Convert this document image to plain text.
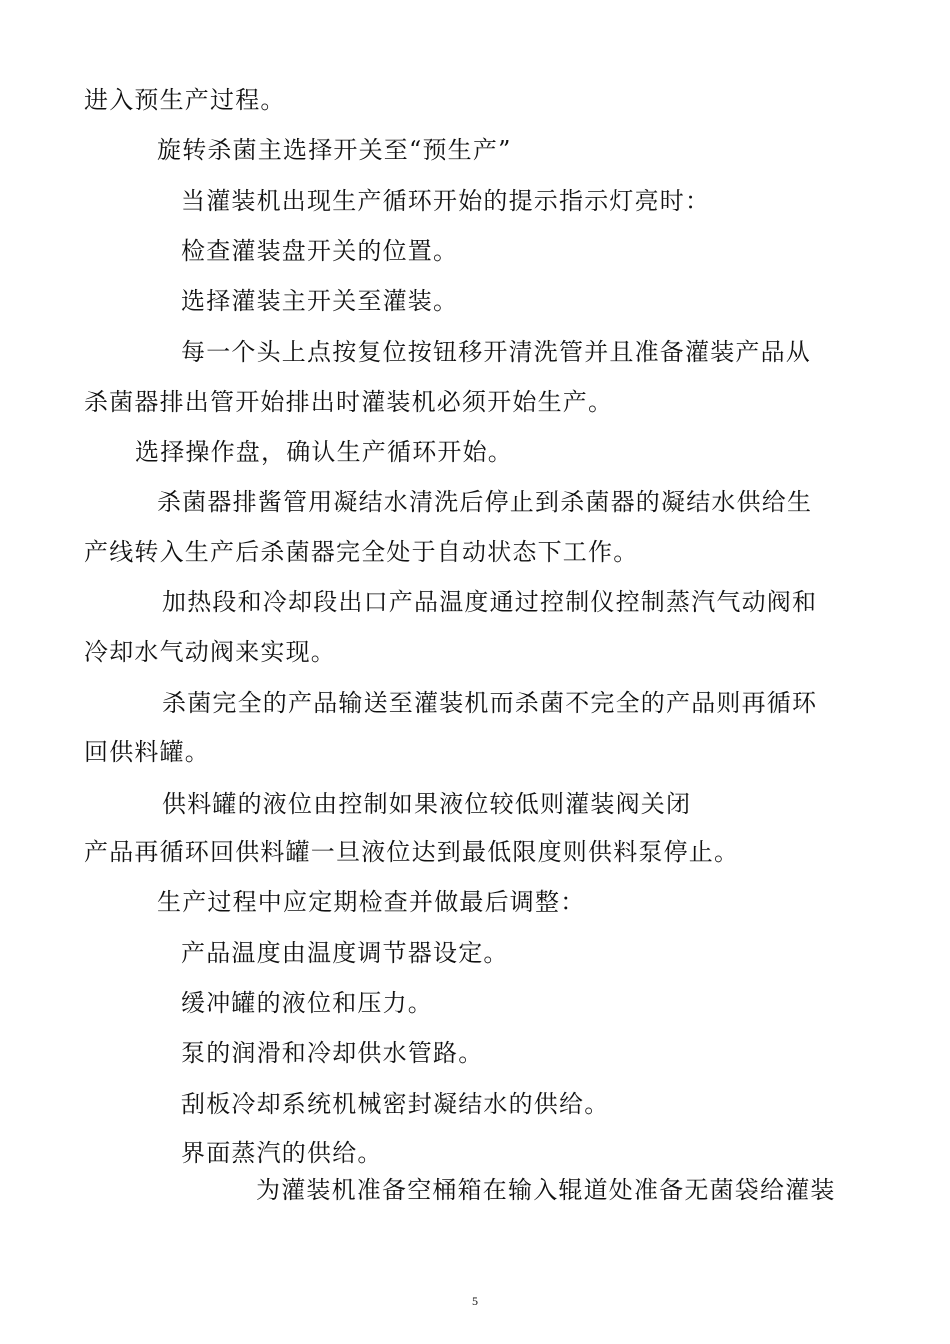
进入预生产过程。
旋转杀菌主选择开关至“预生产”
当灌装机出现生产循环开始的提示指示灯亮时：
检查灌装盘开关的位置。
选择灌装主开关至灌装。
每一个头上点按复位按钮移开清洗管并且准备灌装产品从
杀菌器排出管开始排出时灌装机必须开始生产。
选择操作盘，确认生产循环开始。
杀菌器排酱管用凝结水清洗后停止到杀菌器的凝结水供给生
产线转入生产后杀菌器完全处于自动状态下工作。
加热段和冷却段出口产品温度通过控制仪控制蒸汽气动阀和
冷却水气动阀来实现。
杀菌完全的产品输送至灌装机而杀菌不完全的产品则再循环
回供料罐。
供料罐的液位由控制如果液位较低则灌装阀关闭
产品再循环回供料罐一旦液位达到最低限度则供料泵停止。
生产过程中应定期检查并做最后调整：
产品温度由温度调节器设定。
缓冲罐的液位和压力。
泵的润滑和冷却供水管路。
刮板冷却系统机械密封凝结水的供给。
界面蒸汽的供给。
为灌装机准备空桶箱在输入辊道处准备无菌袋给灌装
5
